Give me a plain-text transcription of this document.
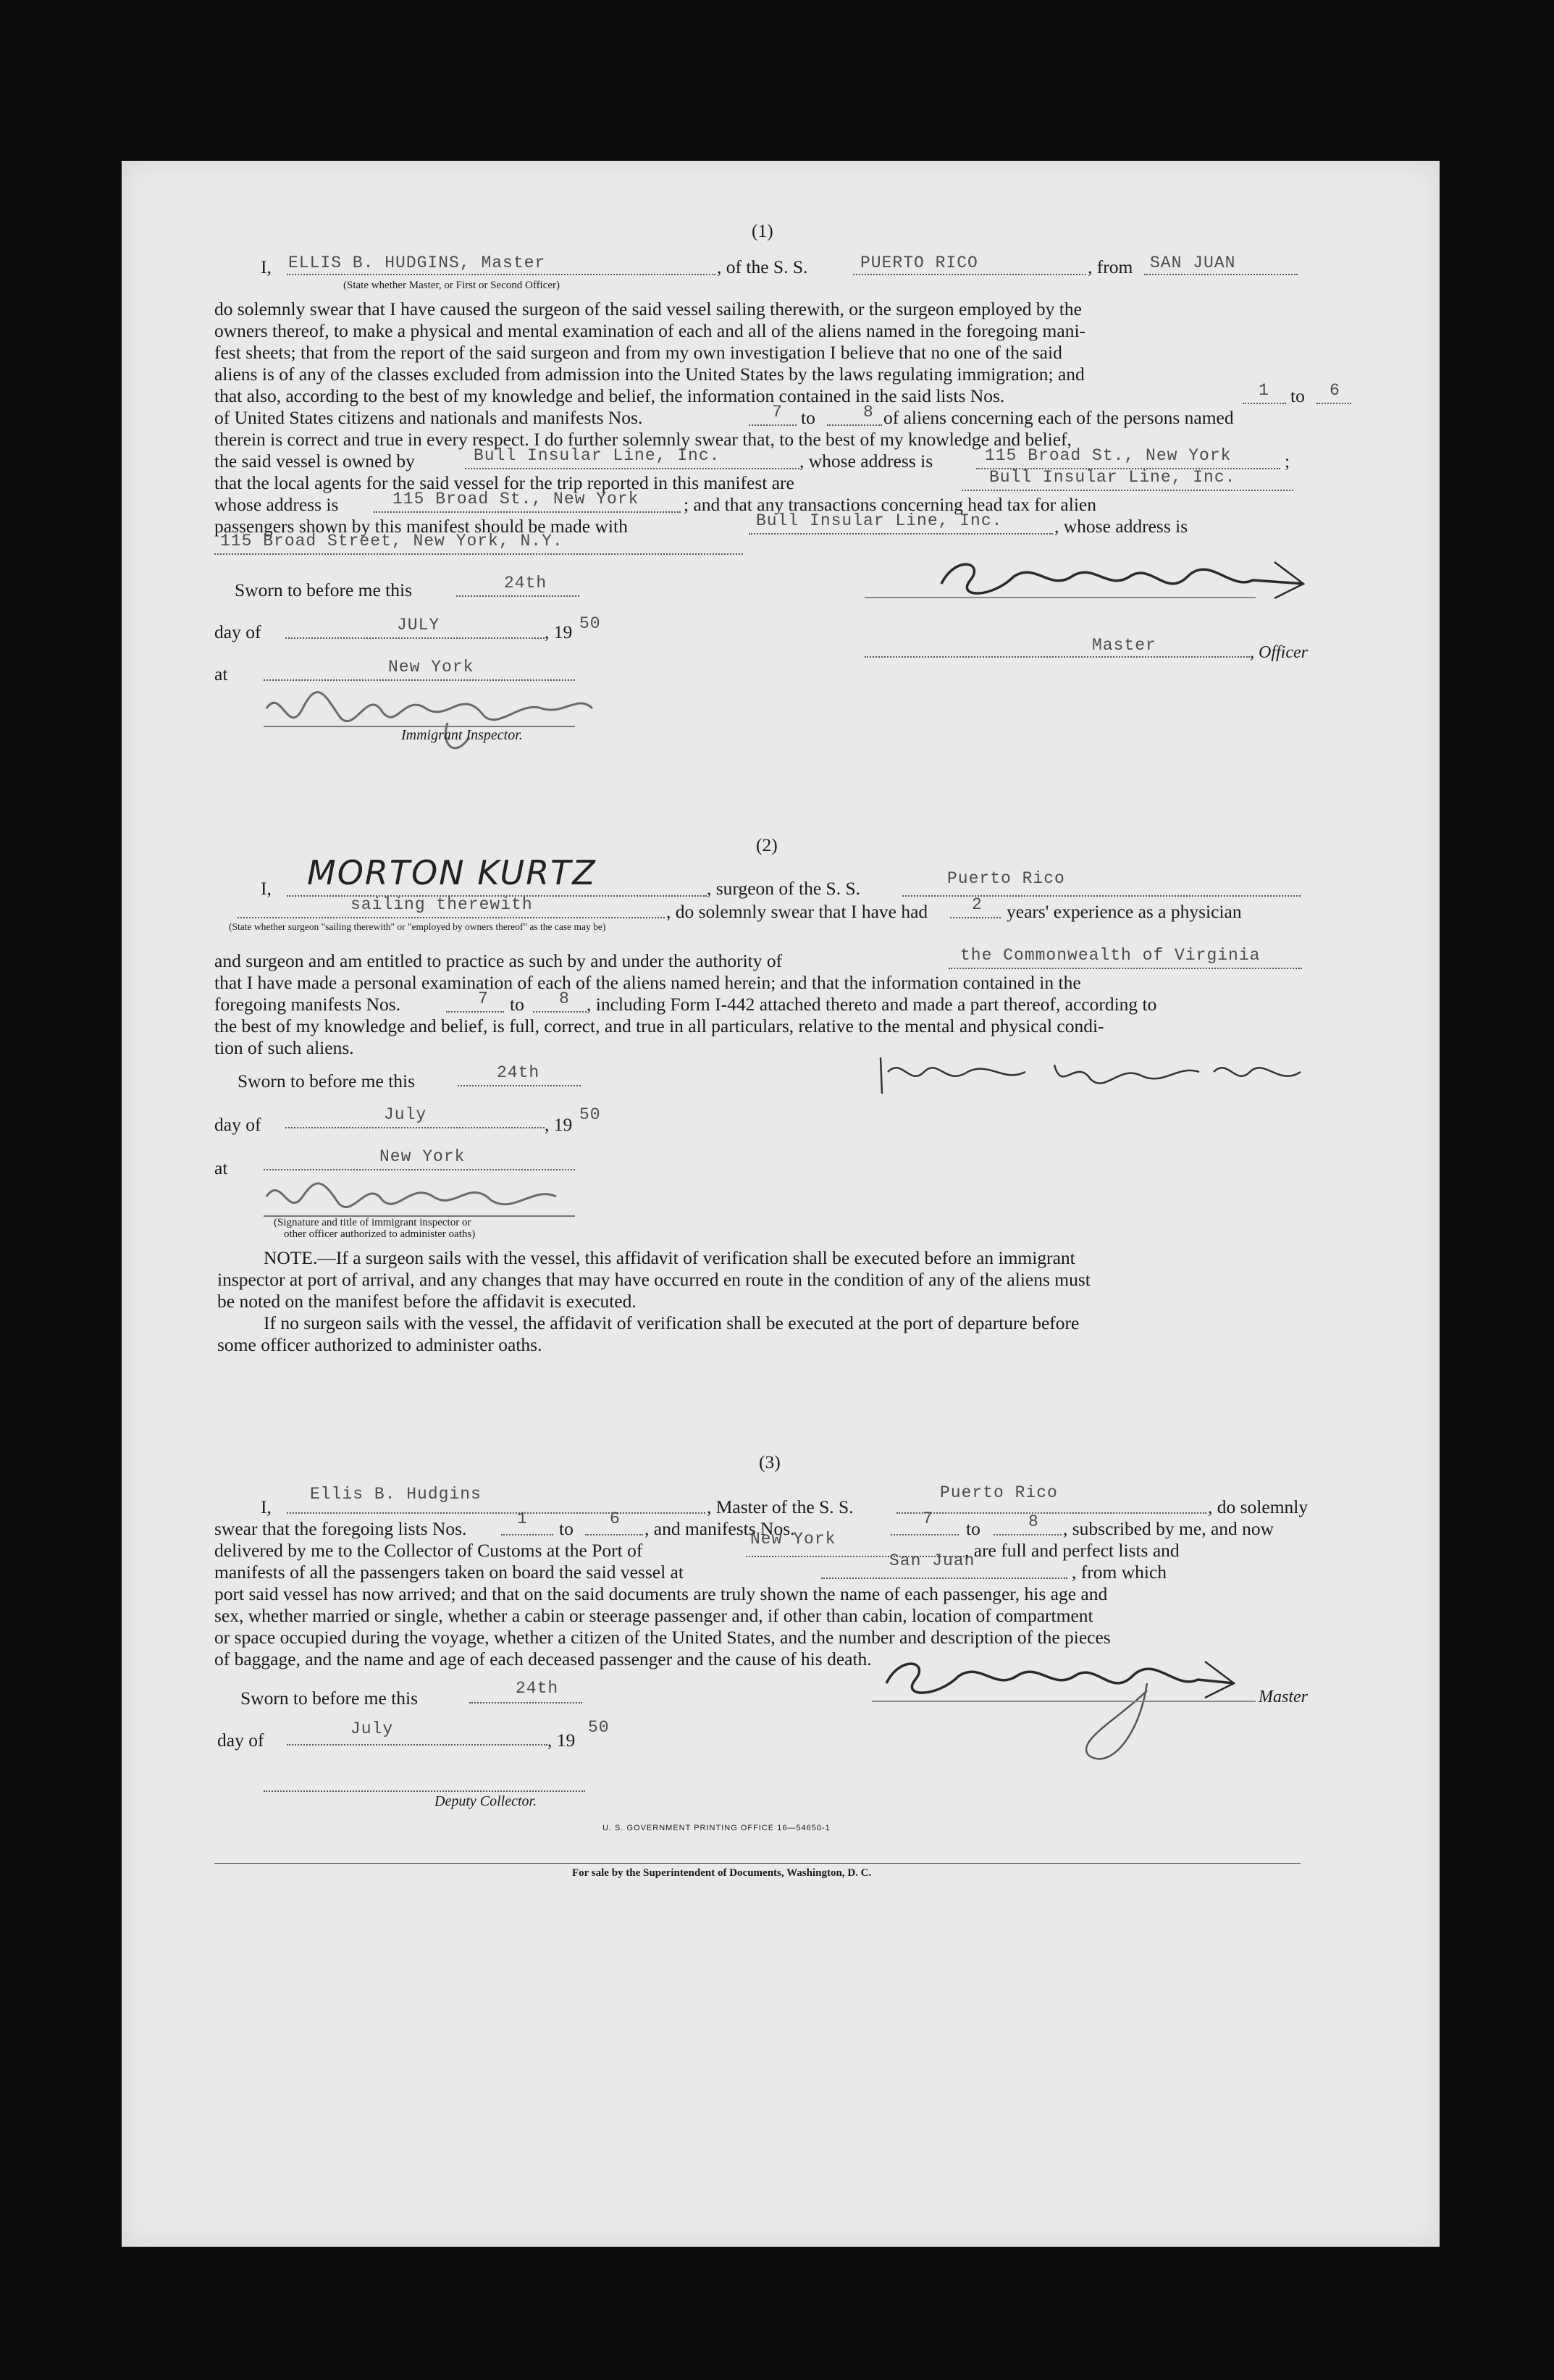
(1)
I, ELLIS B. HUDGINS, Master	, of the S. S.	PUERTO RICO	, from SAN JUAN
(State whether Master, or First or Second Officer)
do solemnly swear that I have caused the surgeon of the said vessel sailing therewith, or the surgeon employed by the
owners thereof, to make a physical and mental examination of each and all of the aliens named in the foregoing mani-
fest sheets; that from the report of the said surgeon and from my own investigation I believe that no one of the said
aliens is of any of the classes excluded from admission into the United States by the laws regulating immigration; and
that also, according to the best of my knowledge and belief, the information contained in the said lists Nos.	1 to 6
of United States citizens and nationals and manifests Nos.	7 to	8 of aliens concerning each of the persons named
therein is correct and true in every respect. I do further solemnly swear that, to the best of my knowledge and belief,
the said vessel is owned by	Bull Insular Line, Inc.	, whose address is	115 Broad St., New York	;
that the local agents for the said vessel for the trip reported in this manifest are	Bull Insular Line, Inc.
whose address is	115 Broad St., New York ; and that any transactions concerning head tax for alien
passengers shown by this manifest should be made with	Bull Insular Line, Inc.	, whose address is
115 Broad Street, New York, N.Y.
Sworn to before me this	24th
day of	JULY	, 19 50
at	New York
Immigrant Inspector.
Master	, Officer
(2)
I, MORTON KURTZ	, surgeon of the S. S.	Puerto Rico
sailing therewith	, do solemnly swear that I have had	2 years' experience as a physician
(State whether surgeon "sailing therewith" or "employed by owners thereof" as the case may be)
and surgeon and am entitled to practice as such by and under the authority of	the Commonwealth of Virginia
that I have made a personal examination of each of the aliens named herein; and that the information contained in the
foregoing manifests Nos.	7 to 8 , including Form I-442 attached thereto and made a part thereof, according to
the best of my knowledge and belief, is full, correct, and true in all particulars, relative to the mental and physical condi-
tion of such aliens.
Sworn to before me this	24th
day of	July	, 19 50
at
New York
(Signature and title of immigrant inspector or
other officer authorized to administer oaths)
NOTE.—If a surgeon sails with the vessel, this affidavit of verification shall be executed before an immigrant
inspector at port of arrival, and any changes that may have occurred en route in the condition of any of the aliens must
be noted on the manifest before the affidavit is executed.
If no surgeon sails with the vessel, the affidavit of verification shall be executed at the port of departure before
some officer authorized to administer oaths.
(3)
I,
Ellis B. Hudgins
, Master of the S. S.
Puerto Rico
, do solemnly
swear that the foregoing lists Nos.	1 to 6 , and manifests Nos.	7 to	8 , subscribed by me, and now
delivered by me to the Collector of Customs at the Port of
New York
, are full and perfect lists and
manifests of all the passengers taken on board the said vessel at
San Juan
, from which
port said vessel has now arrived; and that on the said documents are truly shown the name of each passenger, his age and
sex, whether married or single, whether a cabin or steerage passenger and, if other than cabin, location of compartment
or space occupied during the voyage, whether a citizen of the United States, and the number and description of the pieces
of baggage, and the name and age of each deceased passenger and the cause of his death.
Master
Sworn to before me this	24th
day of
July
, 19
50
Deputy Collector.
U. S. GOVERNMENT PRINTING OFFICE 16—54650-1
For sale by the Superintendent of Documents, Washington, D. C.
